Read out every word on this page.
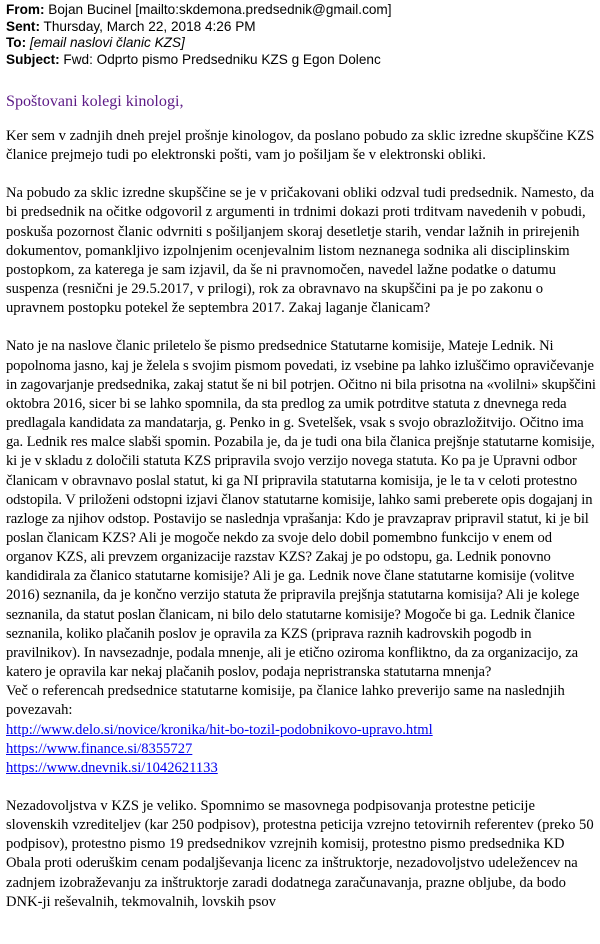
From: Bojan Bucinel [mailto:skdemona.predsednik@gmail.com]
Sent: Thursday, March 22, 2018 4:26 PM
To: [email naslovi članic KZS]
Subject: Fwd: Odprto pismo Predsedniku KZS g Egon Dolenc
Spoštovani kolegi kinologi,

Ker sem v zadnjih dneh prejel prošnje kinologov, da poslano pobudo za sklic izredne skupščine KZS članice prejmejo tudi po elektronski pošti, vam jo pošiljam še v elektronski obliki.

Na pobudo za sklic izredne skupščine se je v pričakovani obliki odzval tudi predsednik. Namesto, da bi predsednik na očitke odgovoril z argumenti in trdnimi dokazi proti trditvam navedenih v pobudi, poskuša pozornost članic odvrniti s pošiljanjem skoraj desetletje starih, vendar lažnih in prirejenih dokumentov, pomankljivo izpolnjenim ocenjevalnim listom neznanega sodnika ali disciplinskim postopkom, za katerega je sam izjavil, da še ni pravnomočen, navedel lažne podatke o datumu suspenza (resnični je 29.5.2017, v prilogi), rok za obravnavo na skupščini pa je po zakonu o upravnem postopku potekel že septembra 2017. Zakaj laganje članicam?

Nato je na naslove članic priletelo še pismo predsednice Statutarne komisije, Mateje Lednik. Ni popolnoma jasno, kaj je želela s svojim pismom povedati, iz vsebine pa lahko izluščimo opravičevanje in zagovarjanje predsednika, zakaj statut še ni bil potrjen. Očitno ni bila prisotna na «volilni» skupščini oktobra 2016, sicer bi se lahko spomnila, da sta predlog za umik potrditve statuta z dnevnega reda predlagala kandidata za mandatarja, g. Penko in g. Svetelšek, vsak s svojo obrazložitvijo. Očitno ima ga. Lednik res malce slabši spomin. Pozabila je, da je tudi ona bila članica prejšnje statutarne komisije, ki je v skladu z določili statuta KZS pripravila svojo verzijo novega statuta. Ko pa je Upravni odbor članicam v obravnavo poslal statut, ki ga NI pripravila statutarna komisija, je le ta v celoti protestno odstopila. V priloženi odstopni izjavi članov statutarne komisije, lahko sami preberete opis dogajanj in razloge za njihov odstop. Postavijo se naslednja vprašanja: Kdo je pravzaprav pripravil statut, ki je bil poslan članicam KZS? Ali je mogoče nekdo za svoje delo dobil pomembno funkcijo v enem od organov KZS, ali prevzem organizacije razstav KZS? Zakaj je po odstopu, ga. Lednik ponovno kandidirala za članico statutarne komisije? Ali je ga. Lednik nove člane statutarne komisije (volitve 2016) seznanila, da je končno verzijo statuta že pripravila prejšnja statutarna komisija? Ali je kolege seznanila, da statut poslan članicam, ni bilo delo statutarne komisije? Mogoče bi ga. Lednik članice seznanila, koliko plačanih poslov je opravila za KZS (priprava raznih kadrovskih pogodb in pravilnikov). In navsezadnje, podala mnenje, ali je etično oziroma konfliktno, da za organizacijo, za katero je opravila kar nekaj plačanih poslov, podaja nepristranska statutarna mnenja?

Več o referencah predsednice statutarne komisije, pa članice lahko preverijo same na naslednjih povezavah:

http://www.delo.si/novice/kronika/hit-bo-tozil-podobnikovo-upravo.html
https://www.finance.si/8355727
https://www.dnevnik.si/1042621133

Nezadovoljstva v KZS je veliko. Spomnimo se masovnega podpisovanja protestne peticije slovenskih vzrediteljev (kar 250 podpisov), protestna peticija vzrejno tetovirnih referentev (preko 50 podpisov), protestno pismo 19 predsednikov vzrejnih komisij, protestno pismo predsednika KD Obala proti oderuškim cenam podaljševanja licenc za inštruktorje, nezadovoljstvo udeležencev na zadnjem izobraževanju za inštruktorje zaradi dodatnega zaračunavanja, prazne obljube, da bodo DNK-ji reševalnih, tekmovalnih, lovskih psov
